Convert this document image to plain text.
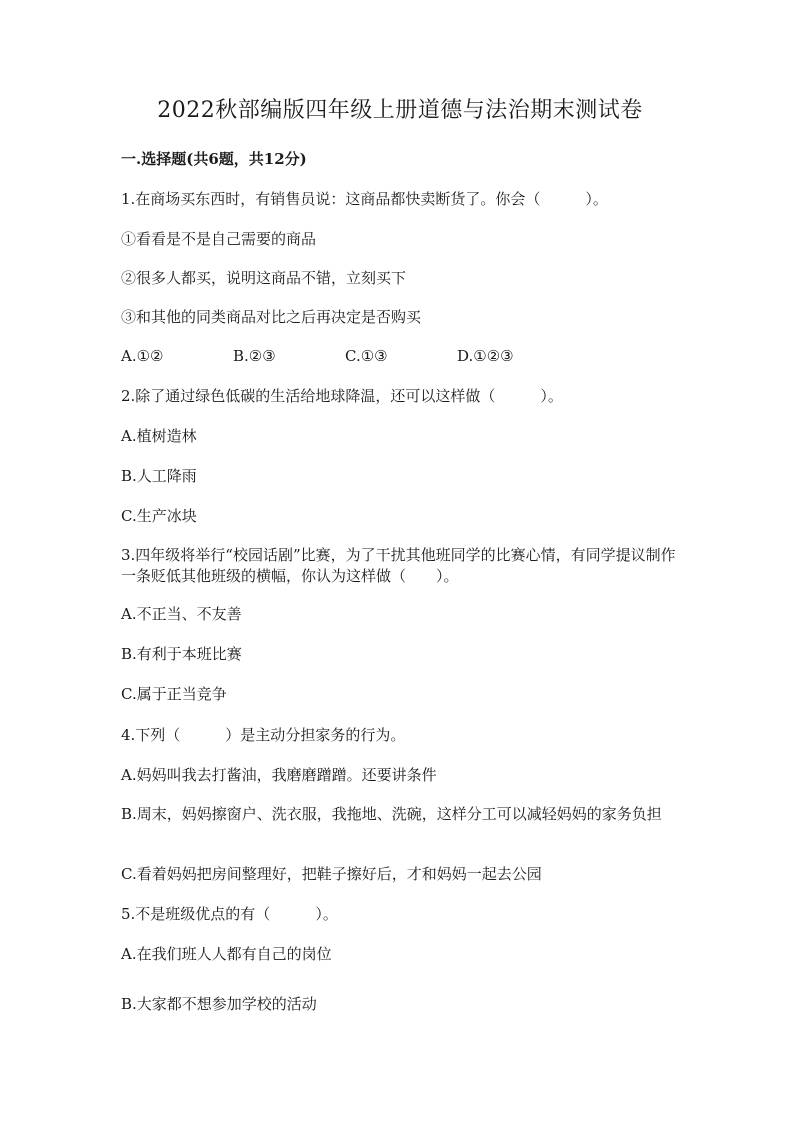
2022秋部编版四年级上册道德与法治期末测试卷
一.选择题(共6题，共12分)
1.在商场买东西时，有销售员说：这商品都快卖断货了。你会（　　　）。
①看看是不是自己需要的商品
②很多人都买，说明这商品不错，立刻买下
③和其他的同类商品对比之后再决定是否购买
A.①②	B.②③	C.①③	D.①②③
2.除了通过绿色低碳的生活给地球降温，还可以这样做（　　　）。
A.植树造林
B.人工降雨
C.生产冰块
3.四年级将举行“校园话剧”比赛，为了干扰其他班同学的比赛心情，有同学提议制作一条贬低其他班级的横幅，你认为这样做（　　）。
A.不正当、不友善
B.有利于本班比赛
C.属于正当竞争
4.下列（　　　）是主动分担家务的行为。
A.妈妈叫我去打酱油，我磨磨蹭蹭。还要讲条件
B.周末，妈妈擦窗户、洗衣服，我拖地、洗碗，这样分工可以减轻妈妈的家务负担
C.看着妈妈把房间整理好，把鞋子擦好后，才和妈妈一起去公园
5.不是班级优点的有（　　　）。
A.在我们班人人都有自己的岗位
B.大家都不想参加学校的活动
